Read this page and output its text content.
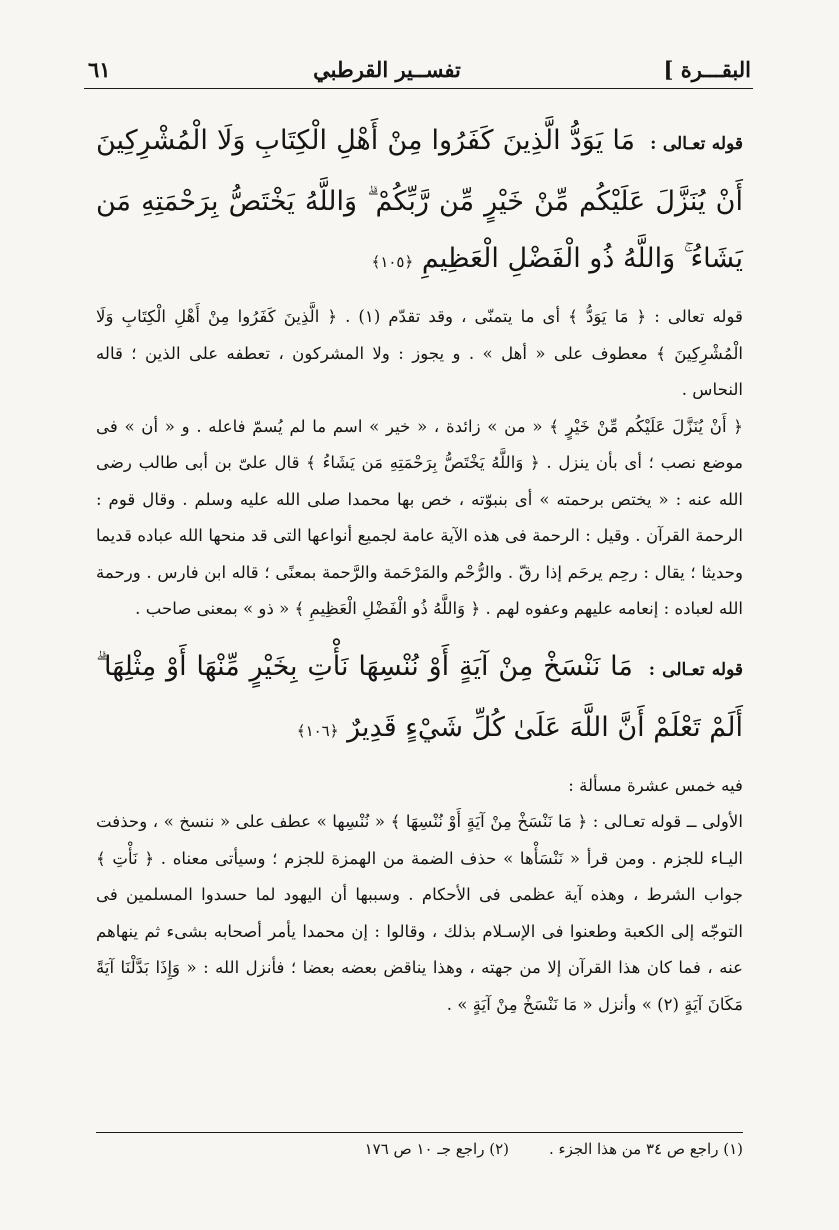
البقـــرة ]
تفســير القرطبي
٦١

قوله تعـالى : مَا يَوَدُّ الَّذِينَ كَفَرُوا مِنْ أَهْلِ الْكِتَابِ وَلَا الْمُشْرِكِينَ أَنْ يُنَزَّلَ عَلَيْكُم مِّنْ خَيْرٍ مِّن رَّبِّكُمْ ۗ وَاللَّهُ يَخْتَصُّ بِرَحْمَتِهِ مَن يَشَاءُ ۚ وَاللَّهُ ذُو الْفَضْلِ الْعَظِيمِ ﴿١٠٥﴾

قوله تعالى : ﴿ مَا يَوَدُّ ﴾ أى ما يتمنّى ، وقد تقدّم (١) . ﴿ الَّذِينَ كَفَرُوا مِنْ أَهْلِ الْكِتَابِ وَلَا الْمُشْرِكِينَ ﴾ معطوف على « أهل » . و يجوز : ولا المشركون ، تعطفه على الذين ؛ قاله النحاس .

﴿ أَنْ يُنَزَّلَ عَلَيْكُم مِّنْ خَيْرٍ ﴾ « من » زائدة ، « خير » اسم ما لم يُسمّ فاعله . و « أن » فى موضع نصب ؛ أى بأن ينزل . ﴿ وَاللَّهُ يَخْتَصُّ بِرَحْمَتِهِ مَن يَشَاءُ ﴾ قال علىّ بن أبى طالب رضى الله عنه : « يختص برحمته » أى بنبوّته ، خص بها محمدا صلى الله عليه وسلم . وقال قوم : الرحمة القرآن . وقيل : الرحمة فى هذه الآية عامة لجميع أنواعها التى قد منحها الله عباده قديما وحديثا ؛ يقال : رحِم يرحَم إذا رقّ . والرُّحْم والمَرْحَمة والرَّحمة بمعنًى ؛ قاله ابن فارس . ورحمة الله لعباده : إنعامه عليهم وعفوه لهم . ﴿ وَاللَّهُ ذُو الْفَضْلِ الْعَظِيمِ ﴾ « ذو » بمعنى صاحب .

قوله تعـالى : مَا نَنْسَخْ مِنْ آيَةٍ أَوْ نُنْسِهَا نَأْتِ بِخَيْرٍ مِّنْهَا أَوْ مِثْلِهَا ۗ أَلَمْ تَعْلَمْ أَنَّ اللَّهَ عَلَىٰ كُلِّ شَيْءٍ قَدِيرٌ ﴿١٠٦﴾

فيه خمس عشرة مسألة :

الأولى ــ قوله تعـالى : ﴿ مَا نَنْسَخْ مِنْ آيَةٍ أَوْ نُنْسِهَا ﴾ « نُنْسِها » عطف على « ننسخ » ، وحذفت اليـاء للجزم . ومن قرأ « نَنْسَأْها » حذف الضمة من الهمزة للجزم ؛ وسيأتى معناه . ﴿ نَأْتِ ﴾ جواب الشرط ، وهذه آية عظمى فى الأحكام . وسببها أن اليهود لما حسدوا المسلمين فى التوجّه إلى الكعبة وطعنوا فى الإسـلام بذلك ، وقالوا : إن محمدا يأمر أصحابه بشىء ثم ينهاهم عنه ، فما كان هذا القرآن إلا من جهته ، وهذا يناقض بعضه بعضا ؛ فأنزل الله : « وَإِذَا بَدَّلْنَا آيَةً مَكَانَ آيَةٍ (٢) » وأنزل « مَا نَنْسَخْ مِنْ آيَةٍ » .

(١) راجع ص ٣٤ من هذا الجزء .
(٢) راجع جـ ١٠ ص ١٧٦
